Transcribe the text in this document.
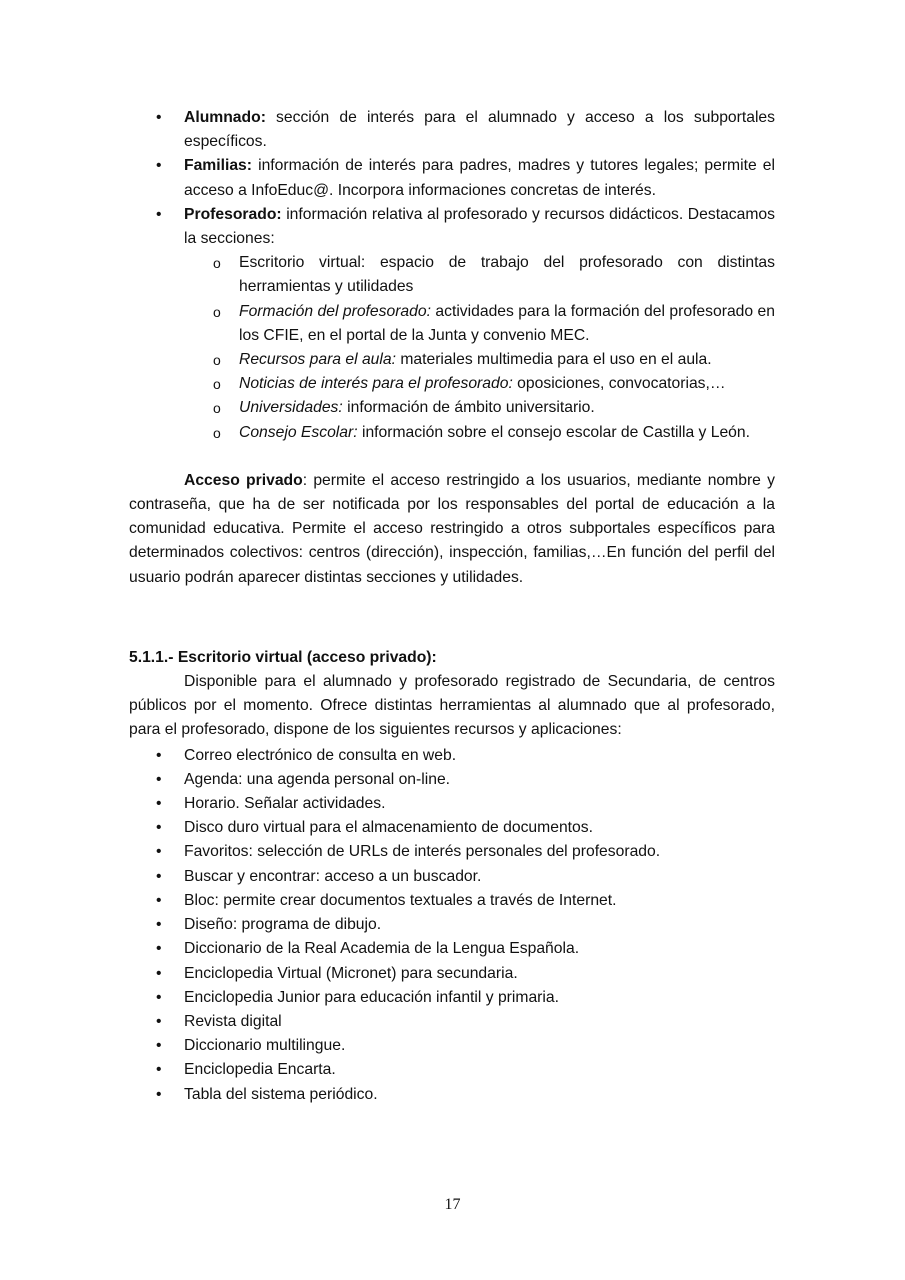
• Alumnado: sección de interés para el alumnado y acceso a los subportales específicos.
• Familias: información de interés para padres, madres y tutores legales; permite el acceso a InfoEduc@. Incorpora informaciones concretas de interés.
• Profesorado: información relativa al profesorado y recursos didácticos. Destacamos la secciones:
o Escritorio virtual: espacio de trabajo del profesorado con distintas herramientas y utilidades
o Formación del profesorado: actividades para la formación del profesorado en los CFIE, en el portal de la Junta y convenio MEC.
o Recursos para el aula: materiales multimedia para el uso en el aula.
o Noticias de interés para el profesorado: oposiciones, convocatorias,…
o Universidades: información de ámbito universitario.
o Consejo Escolar: información sobre el consejo escolar de Castilla y León.

Acceso privado: permite el acceso restringido a los usuarios, mediante nombre y contraseña, que ha de ser notificada por los responsables del portal de educación a la comunidad educativa. Permite el acceso restringido a otros subportales específicos para determinados colectivos: centros (dirección), inspección, familias,…En función del perfil del usuario podrán aparecer distintas secciones y utilidades.

5.1.1.- Escritorio virtual (acceso privado):

Disponible para el alumnado y profesorado registrado de Secundaria, de centros públicos por el momento. Ofrece distintas herramientas al alumnado que al profesorado, para el profesorado, dispone de los siguientes recursos y aplicaciones:

• Correo electrónico de consulta en web.
• Agenda: una agenda personal on-line.
• Horario. Señalar actividades.
• Disco duro virtual para el almacenamiento de documentos.
• Favoritos: selección de URLs de interés personales del profesorado.
• Buscar y encontrar: acceso a un buscador.
• Bloc: permite crear documentos textuales a través de Internet.
• Diseño: programa de dibujo.
• Diccionario de la Real Academia de la Lengua Española.
• Enciclopedia Virtual (Micronet) para secundaria.
• Enciclopedia Junior para educación infantil y primaria.
• Revista digital
• Diccionario multilingue.
• Enciclopedia Encarta.
• Tabla del sistema periódico.
17
